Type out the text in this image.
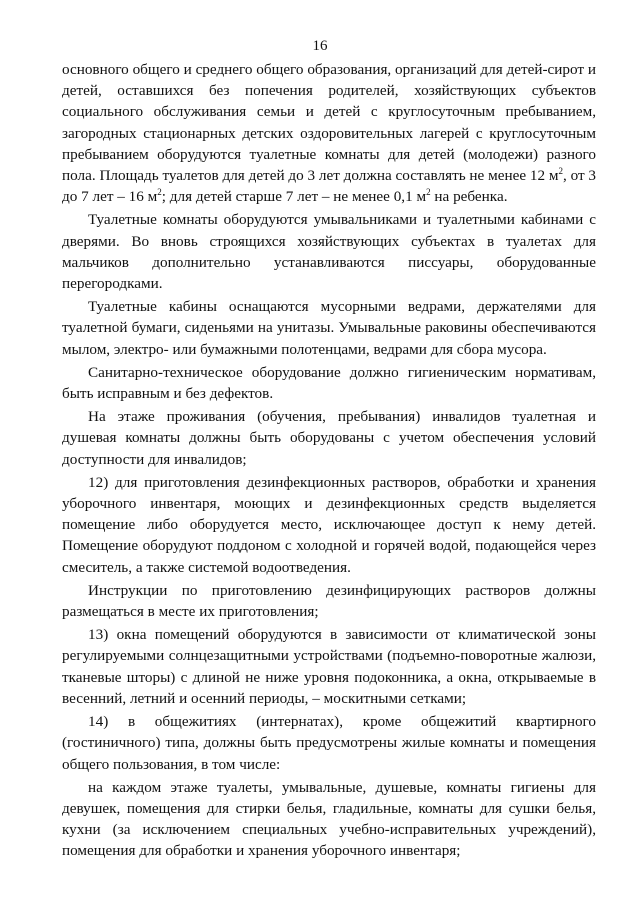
16

основного общего и среднего общего образования, организаций для детей-сирот и детей, оставшихся без попечения родителей, хозяйствующих субъектов социального обслуживания семьи и детей с круглосуточным пребыванием, загородных стационарных детских оздоровительных лагерей с круглосуточным пребыванием оборудуются туалетные комнаты для детей (молодежи) разного пола. Площадь туалетов для детей до 3 лет должна составлять не менее 12 $м^2$, от 3 до 7 лет – 16 $м^2$; для детей старше 7 лет – не менее 0,1 $м^2$ на ребенка.

Туалетные комнаты оборудуются умывальниками и туалетными кабинами с дверями. Во вновь строящихся хозяйствующих субъектах в туалетах для мальчиков дополнительно устанавливаются писсуары, оборудованные перегородками.

Туалетные кабины оснащаются мусорными ведрами, держателями для туалетной бумаги, сиденьями на унитазы. Умывальные раковины обеспечиваются мылом, электро- или бумажными полотенцами, ведрами для сбора мусора.

Санитарно-техническое оборудование должно гигиеническим нормативам, быть исправным и без дефектов.

На этаже проживания (обучения, пребывания) инвалидов туалетная и душевая комнаты должны быть оборудованы с учетом обеспечения условий доступности для инвалидов;

12) для приготовления дезинфекционных растворов, обработки и хранения уборочного инвентаря, моющих и дезинфекционных средств выделяется помещение либо оборудуется место, исключающее доступ к нему детей. Помещение оборудуют поддоном с холодной и горячей водой, подающейся через смеситель, а также системой водоотведения.

Инструкции по приготовлению дезинфицирующих растворов должны размещаться в месте их приготовления;

13) окна помещений оборудуются в зависимости от климатической зоны регулируемыми солнцезащитными устройствами (подъемно-поворотные жалюзи, тканевые шторы) с длиной не ниже уровня подоконника, а окна, открываемые в весенний, летний и осенний периоды, – москитными сетками;

14) в общежитиях (интернатах), кроме общежитий квартирного (гостиничного) типа, должны быть предусмотрены жилые комнаты и помещения общего пользования, в том числе:

на каждом этаже туалеты, умывальные, душевые, комнаты гигиены для девушек, помещения для стирки белья, гладильные, комнаты для сушки белья, кухни (за исключением специальных учебно-исправительных учреждений), помещения для обработки и хранения уборочного инвентаря;
